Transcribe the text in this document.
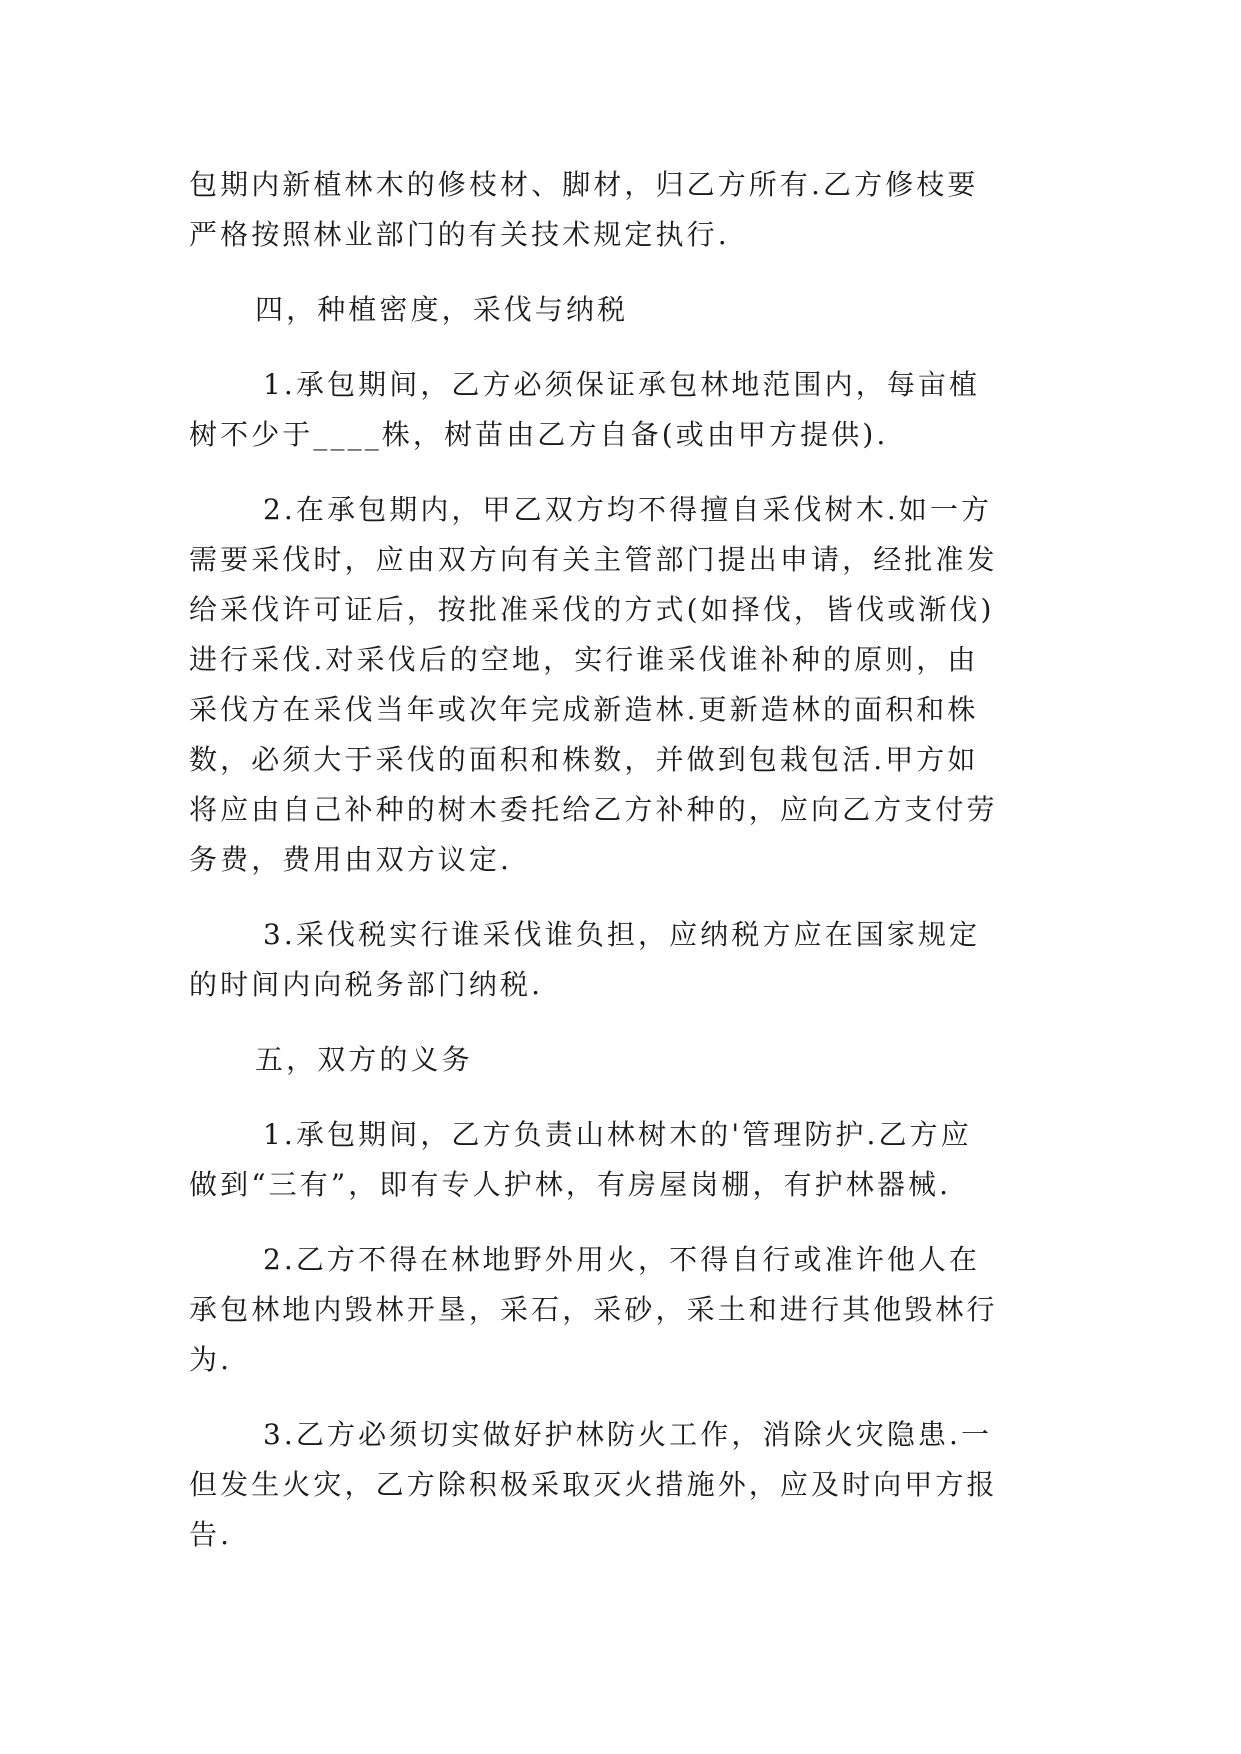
包期内新植林木的修枝材、脚材，归乙方所有.乙方修枝要
严格按照林业部门的有关技术规定执行.
四，种植密度，采伐与纳税
1.承包期间，乙方必须保证承包林地范围内，每亩植
树不少于____株，树苗由乙方自备(或由甲方提供).
2.在承包期内，甲乙双方均不得擅自采伐树木.如一方
需要采伐时，应由双方向有关主管部门提出申请，经批准发
给采伐许可证后，按批准采伐的方式(如择伐，皆伐或渐伐)
进行采伐.对采伐后的空地，实行谁采伐谁补种的原则，由
采伐方在采伐当年或次年完成新造林.更新造林的面积和株
数，必须大于采伐的面积和株数，并做到包栽包活.甲方如
将应由自己补种的树木委托给乙方补种的，应向乙方支付劳
务费，费用由双方议定.
3.采伐税实行谁采伐谁负担，应纳税方应在国家规定
的时间内向税务部门纳税.
五，双方的义务
1.承包期间，乙方负责山林树木的'管理防护.乙方应
做到“三有”，即有专人护林，有房屋岗棚，有护林器械.
2.乙方不得在林地野外用火，不得自行或准许他人在
承包林地内毁林开垦，采石，采砂，采土和进行其他毁林行
为.
3.乙方必须切实做好护林防火工作，消除火灾隐患.一
但发生火灾，乙方除积极采取灭火措施外，应及时向甲方报
告.
